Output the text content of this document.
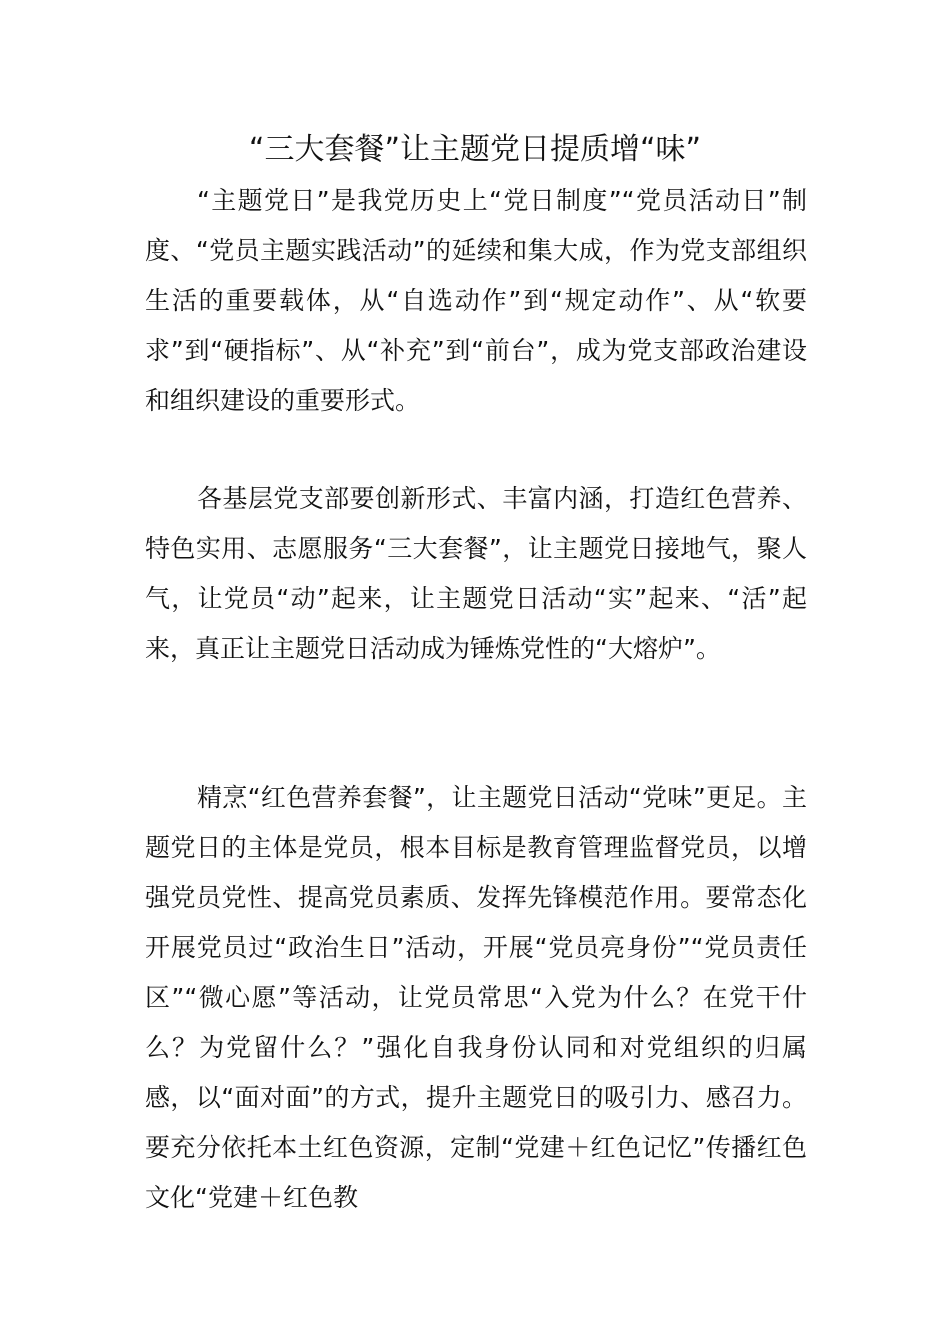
“三大套餐”让主题党日提质增“味”

“主题党日”是我党历史上“党日制度”“党员活动日”制度、“党员主题实践活动”的延续和集大成，作为党支部组织生活的重要载体，从“自选动作”到“规定动作”、从“软要求”到“硬指标”、从“补充”到“前台”，成为党支部政治建设和组织建设的重要形式。

各基层党支部要创新形式、丰富内涵，打造红色营养、特色实用、志愿服务“三大套餐”，让主题党日接地气，聚人气，让党员“动”起来，让主题党日活动“实”起来、“活”起来，真正让主题党日活动成为锤炼党性的“大熔炉”。

精烹“红色营养套餐”，让主题党日活动“党味”更足。主题党日的主体是党员，根本目标是教育管理监督党员，以增强党员党性、提高党员素质、发挥先锋模范作用。要常态化开展党员过“政治生日”活动，开展“党员亮身份”“党员责任区”“微心愿”等活动，让党员常思“入党为什么？在党干什么？为党留什么？”强化自我身份认同和对党组织的归属感，以“面对面”的方式，提升主题党日的吸引力、感召力。要充分依托本土红色资源，定制“党建＋红色记忆”传播红色文化“党建＋红色教
